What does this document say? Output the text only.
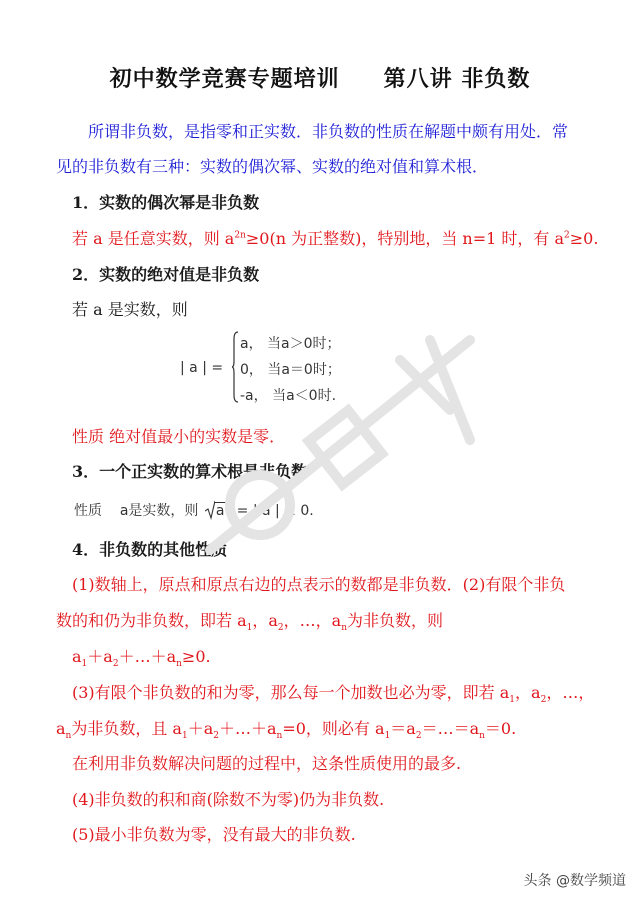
初中数学竞赛专题培训 第八讲 非负数
所谓非负数，是指零和正实数．非负数的性质在解题中颇有用处．常
见的非负数有三种：实数的偶次幂、实数的绝对值和算术根．
1．实数的偶次幂是非负数
若 a 是任意实数，则 $a^{2n}\ge 0(n$ 为正整数)，特别地，当 n=1 时，有 $a^2\ge 0$.
2．实数的绝对值是非负数
若 a 是实数，则
| a | =
a， 当a＞0时；
0， 当a＝0时；
-a， 当a＜0时.
性质 绝对值最小的实数是零．
3．一个正实数的算术根是非负数
性质 a是实数，则 $a^2$ = | a | ≥ 0.
4．非负数的其他性质
(1)数轴上，原点和原点右边的点表示的数都是非负数．(2)有限个非负
数的和仍为非负数，即若 $a_1$，$a_2$，…，$a_n$为非负数，则
$a_1+a_2+\dots+a_n\ge 0$.
(3)有限个非负数的和为零，那么每一个加数也必为零，即若 $a_1$，$a_2$，…，
$a_n$为非负数，且 $a_1+a_2+\dots+a_n=0$，则必有 $a_1=a_2=\dots=a_n=0$.
在利用非负数解决问题的过程中，这条性质使用的最多.
(4)非负数的积和商(除数不为零)仍为非负数.
(5)最小非负数为零，没有最大的非负数.
头条 @数学频道
